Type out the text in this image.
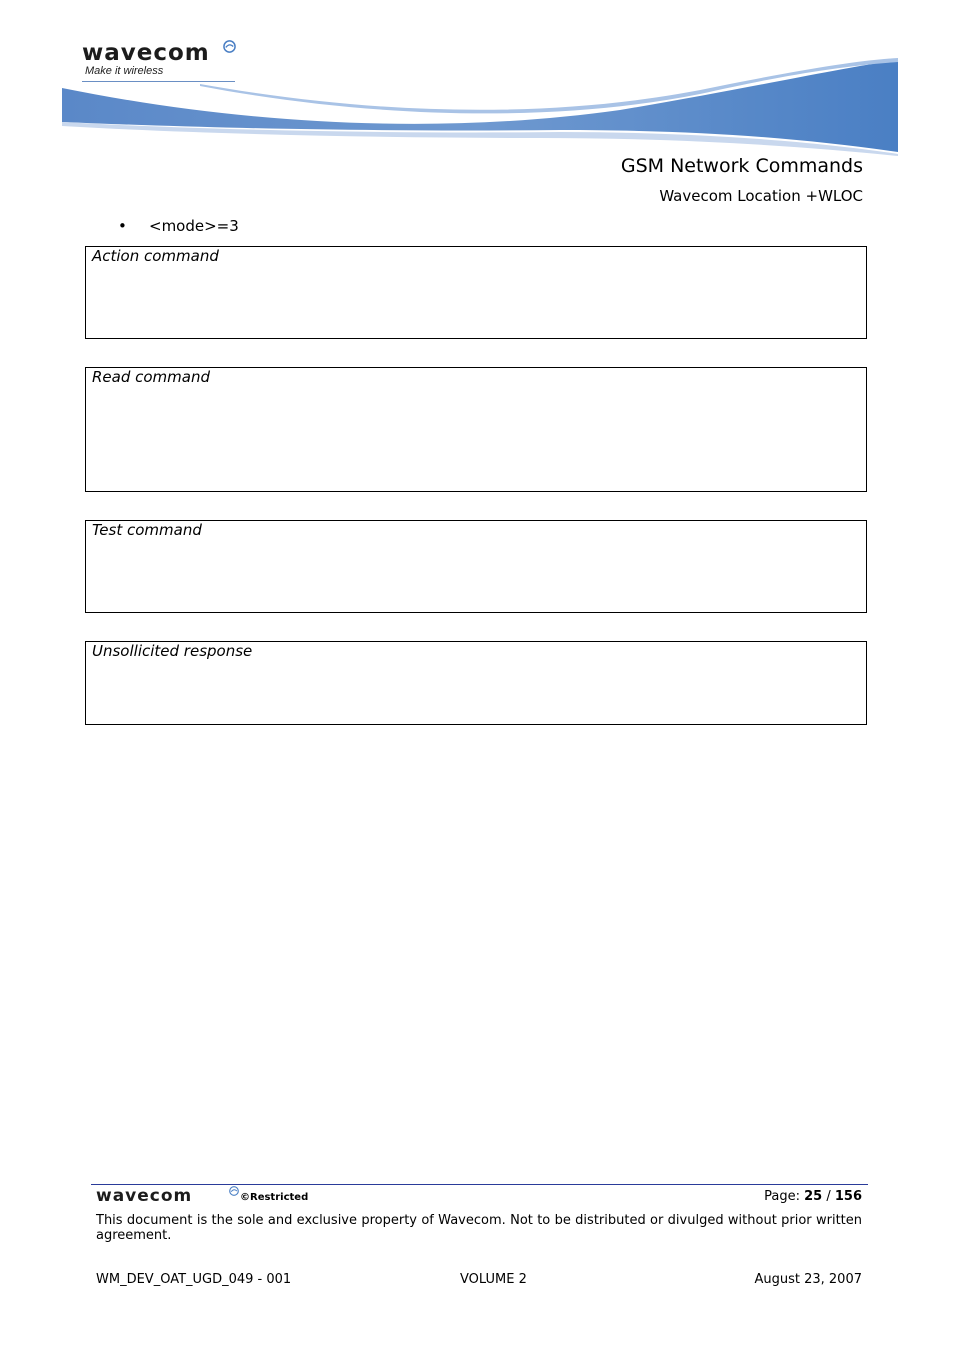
wavecom
Make it wireless
GSM Network Commands
Wavecom Location +WLOC
• <mode>=3
Action command
Read command
Test command
Unsollicited response
wavecom	©Restricted	Page: 25 / 156
This document is the sole and exclusive property of Wavecom. Not to be distributed or divulged without prior written agreement.
WM_DEV_OAT_UGD_049 - 001	VOLUME 2	August 23, 2007
